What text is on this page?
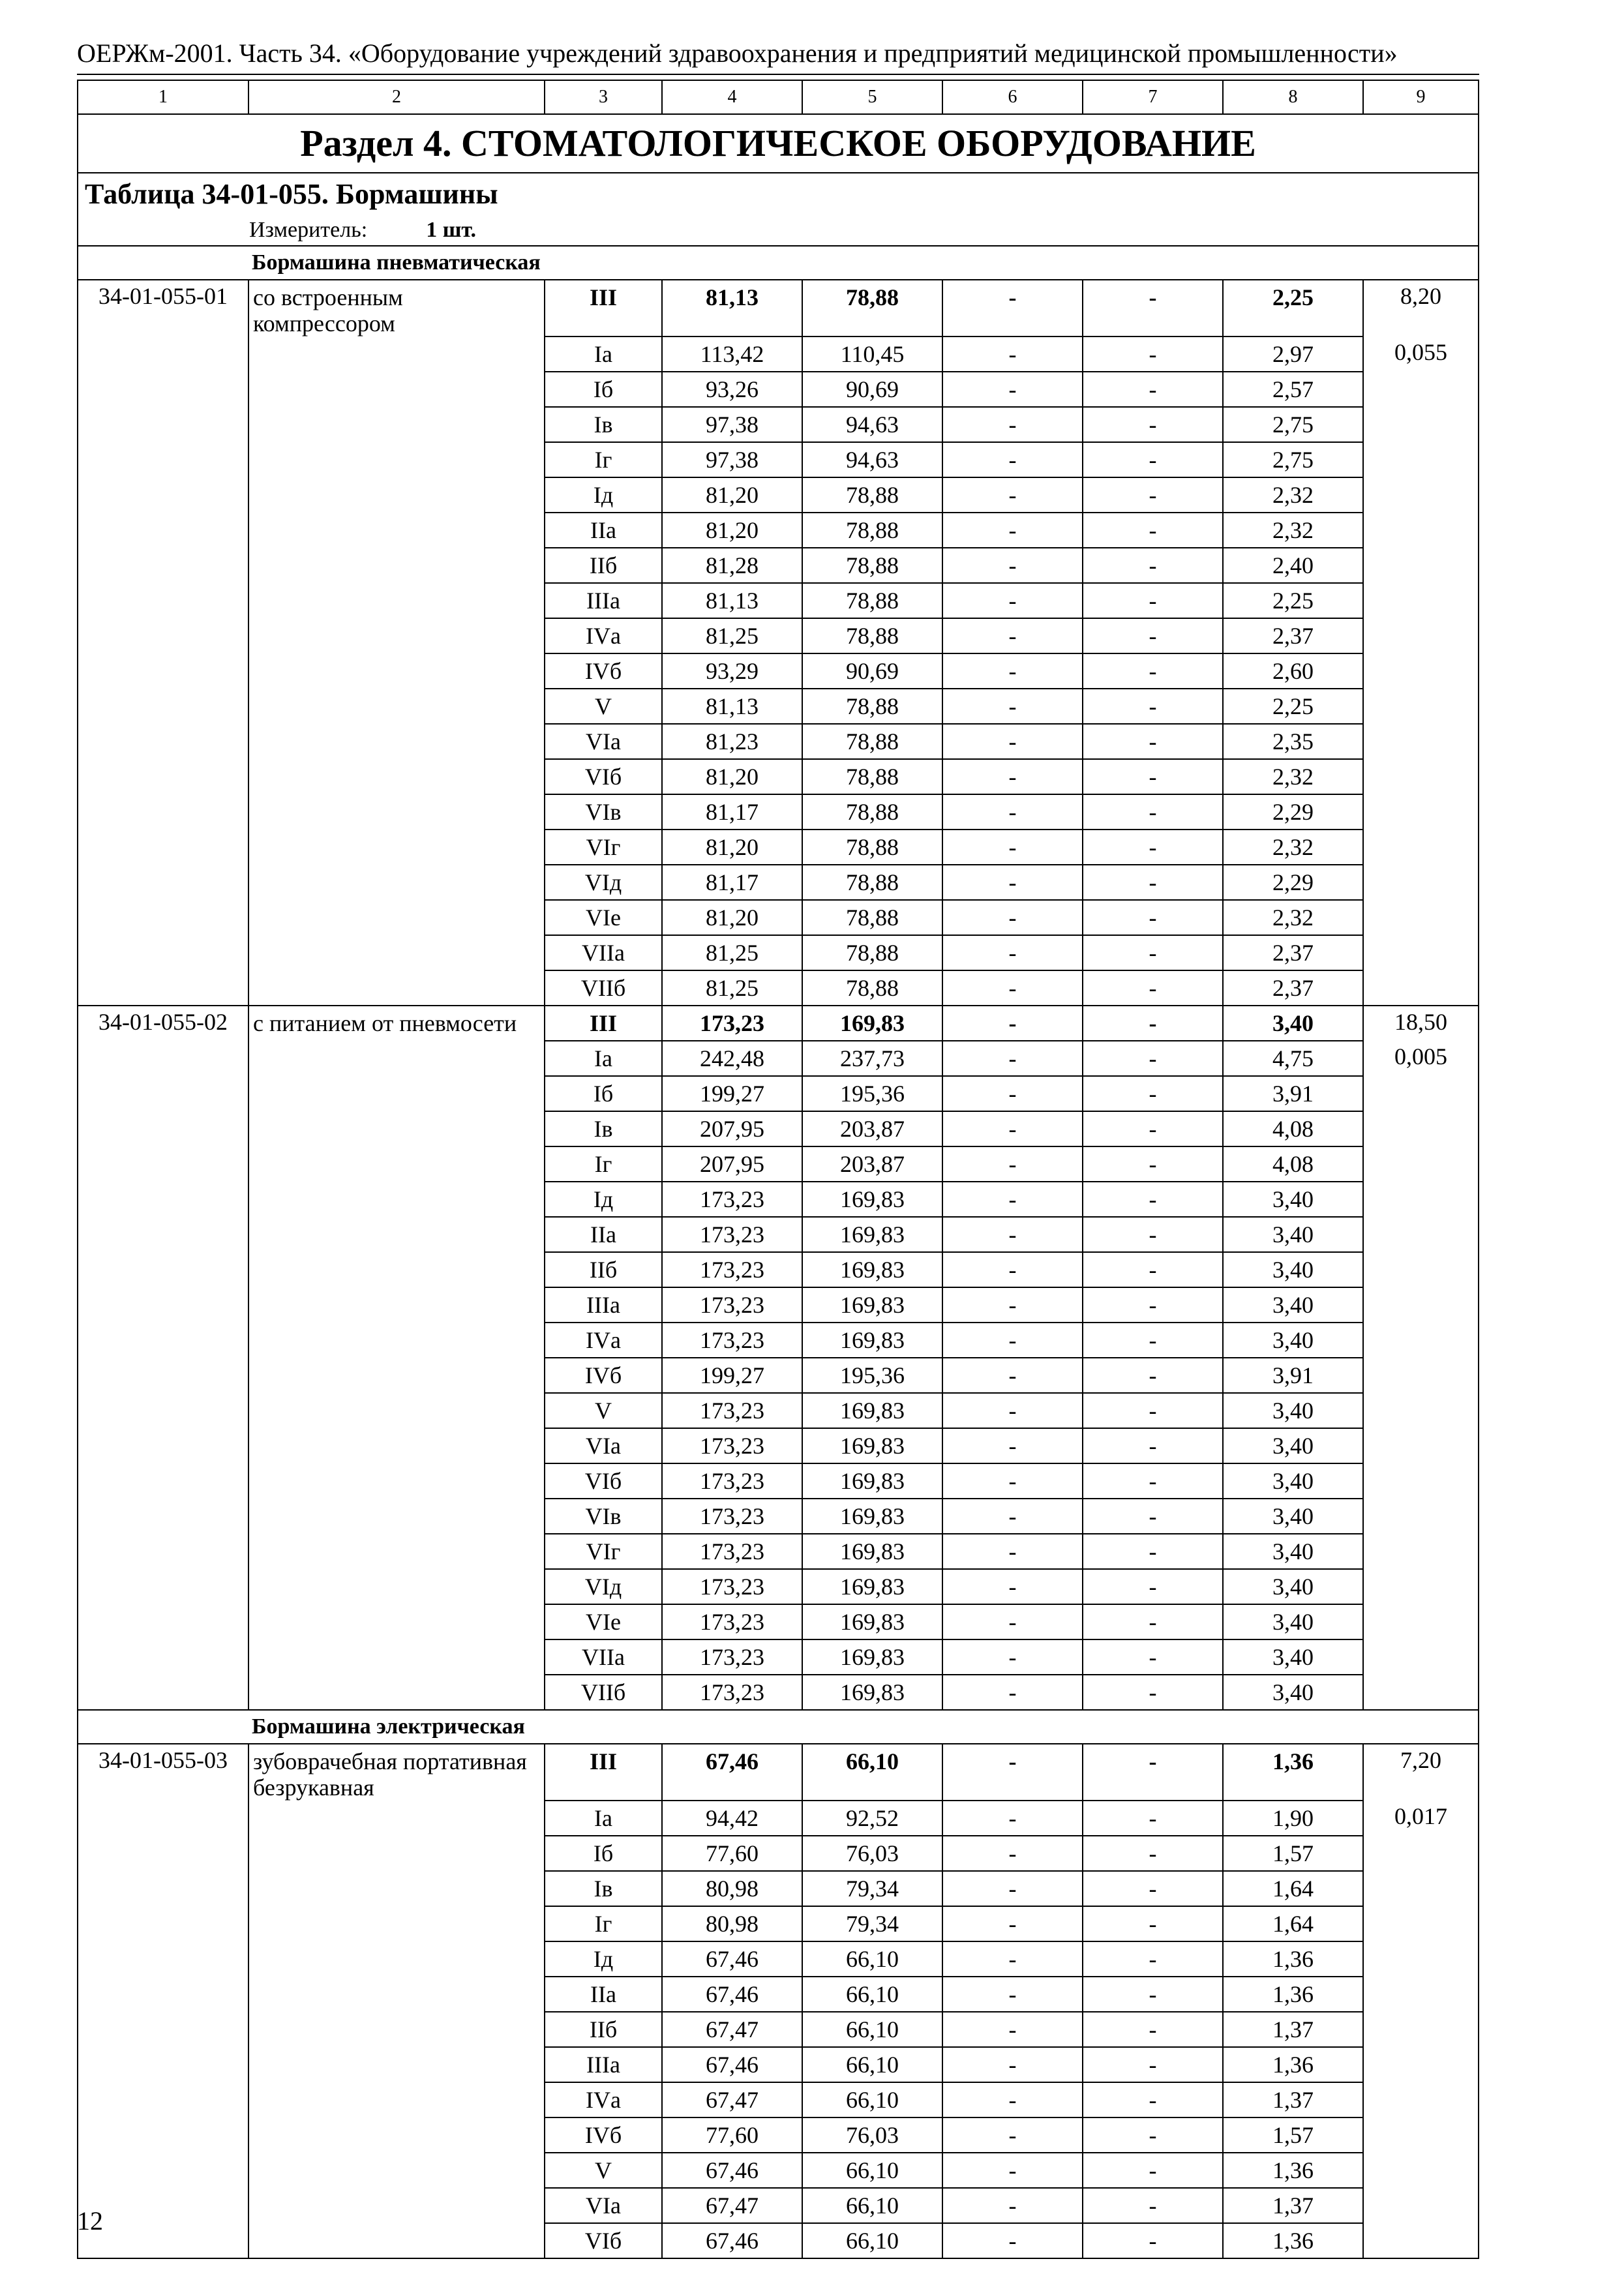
ОЕРЖм-2001. Часть 34. «Оборудование учреждений здравоохранения и предприятий медицинской промышленности»
1	2	3	4	5	6	7	8	9
Раздел 4. СТОМАТОЛОГИЧЕСКОЕ ОБОРУДОВАНИЕ								
Таблица 34-01-055. Бормашины								
Измеритель: 1 шт.								
Бормашина пневматическая								
34-01-055-01	со встроенным компрессором	III	81,13	78,88	-	-	2,25	8,20
		Ia	113,42	110,45	-	-	2,97	0,055
		Iб	93,26	90,69	-	-	2,57	
		Iв	97,38	94,63	-	-	2,75	
		Iг	97,38	94,63	-	-	2,75	
		Iд	81,20	78,88	-	-	2,32	
		IIа	81,20	78,88	-	-	2,32	
		IIб	81,28	78,88	-	-	2,40	
		IIIа	81,13	78,88	-	-	2,25	
		IVа	81,25	78,88	-	-	2,37	
		IVб	93,29	90,69	-	-	2,60	
		V	81,13	78,88	-	-	2,25	
		VIа	81,23	78,88	-	-	2,35	
		VIб	81,20	78,88	-	-	2,32	
		VIв	81,17	78,88	-	-	2,29	
		VIг	81,20	78,88	-	-	2,32	
		VIд	81,17	78,88	-	-	2,29	
		VIе	81,20	78,88	-	-	2,32	
		VIIа	81,25	78,88	-	-	2,37	
		VIIб	81,25	78,88	-	-	2,37	
34-01-055-02	с питанием от пневмосети	III	173,23	169,83	-	-	3,40	18,50
		Ia	242,48	237,73	-	-	4,75	0,005
		Iб	199,27	195,36	-	-	3,91	
		Iв	207,95	203,87	-	-	4,08	
		Iг	207,95	203,87	-	-	4,08	
		Iд	173,23	169,83	-	-	3,40	
		IIа	173,23	169,83	-	-	3,40	
		IIб	173,23	169,83	-	-	3,40	
		IIIа	173,23	169,83	-	-	3,40	
		IVа	173,23	169,83	-	-	3,40	
		IVб	199,27	195,36	-	-	3,91	
		V	173,23	169,83	-	-	3,40	
		VIа	173,23	169,83	-	-	3,40	
		VIб	173,23	169,83	-	-	3,40	
		VIв	173,23	169,83	-	-	3,40	
		VIг	173,23	169,83	-	-	3,40	
		VIд	173,23	169,83	-	-	3,40	
		VIе	173,23	169,83	-	-	3,40	
		VIIа	173,23	169,83	-	-	3,40	
		VIIб	173,23	169,83	-	-	3,40	
Бормашина электрическая								
34-01-055-03	зубоврачебная портативная безрукавная	III	67,46	66,10	-	-	1,36	7,20
		Ia	94,42	92,52	-	-	1,90	0,017
		Iб	77,60	76,03	-	-	1,57	
		Iв	80,98	79,34	-	-	1,64	
		Iг	80,98	79,34	-	-	1,64	
		Iд	67,46	66,10	-	-	1,36	
		IIа	67,46	66,10	-	-	1,36	
		IIб	67,47	66,10	-	-	1,37	
		IIIа	67,46	66,10	-	-	1,36	
		IVа	67,47	66,10	-	-	1,37	
		IVб	77,60	76,03	-	-	1,57	
		V	67,46	66,10	-	-	1,36	
		VIа	67,47	66,10	-	-	1,37	
		VIб	67,46	66,10	-	-	1,36	
12
